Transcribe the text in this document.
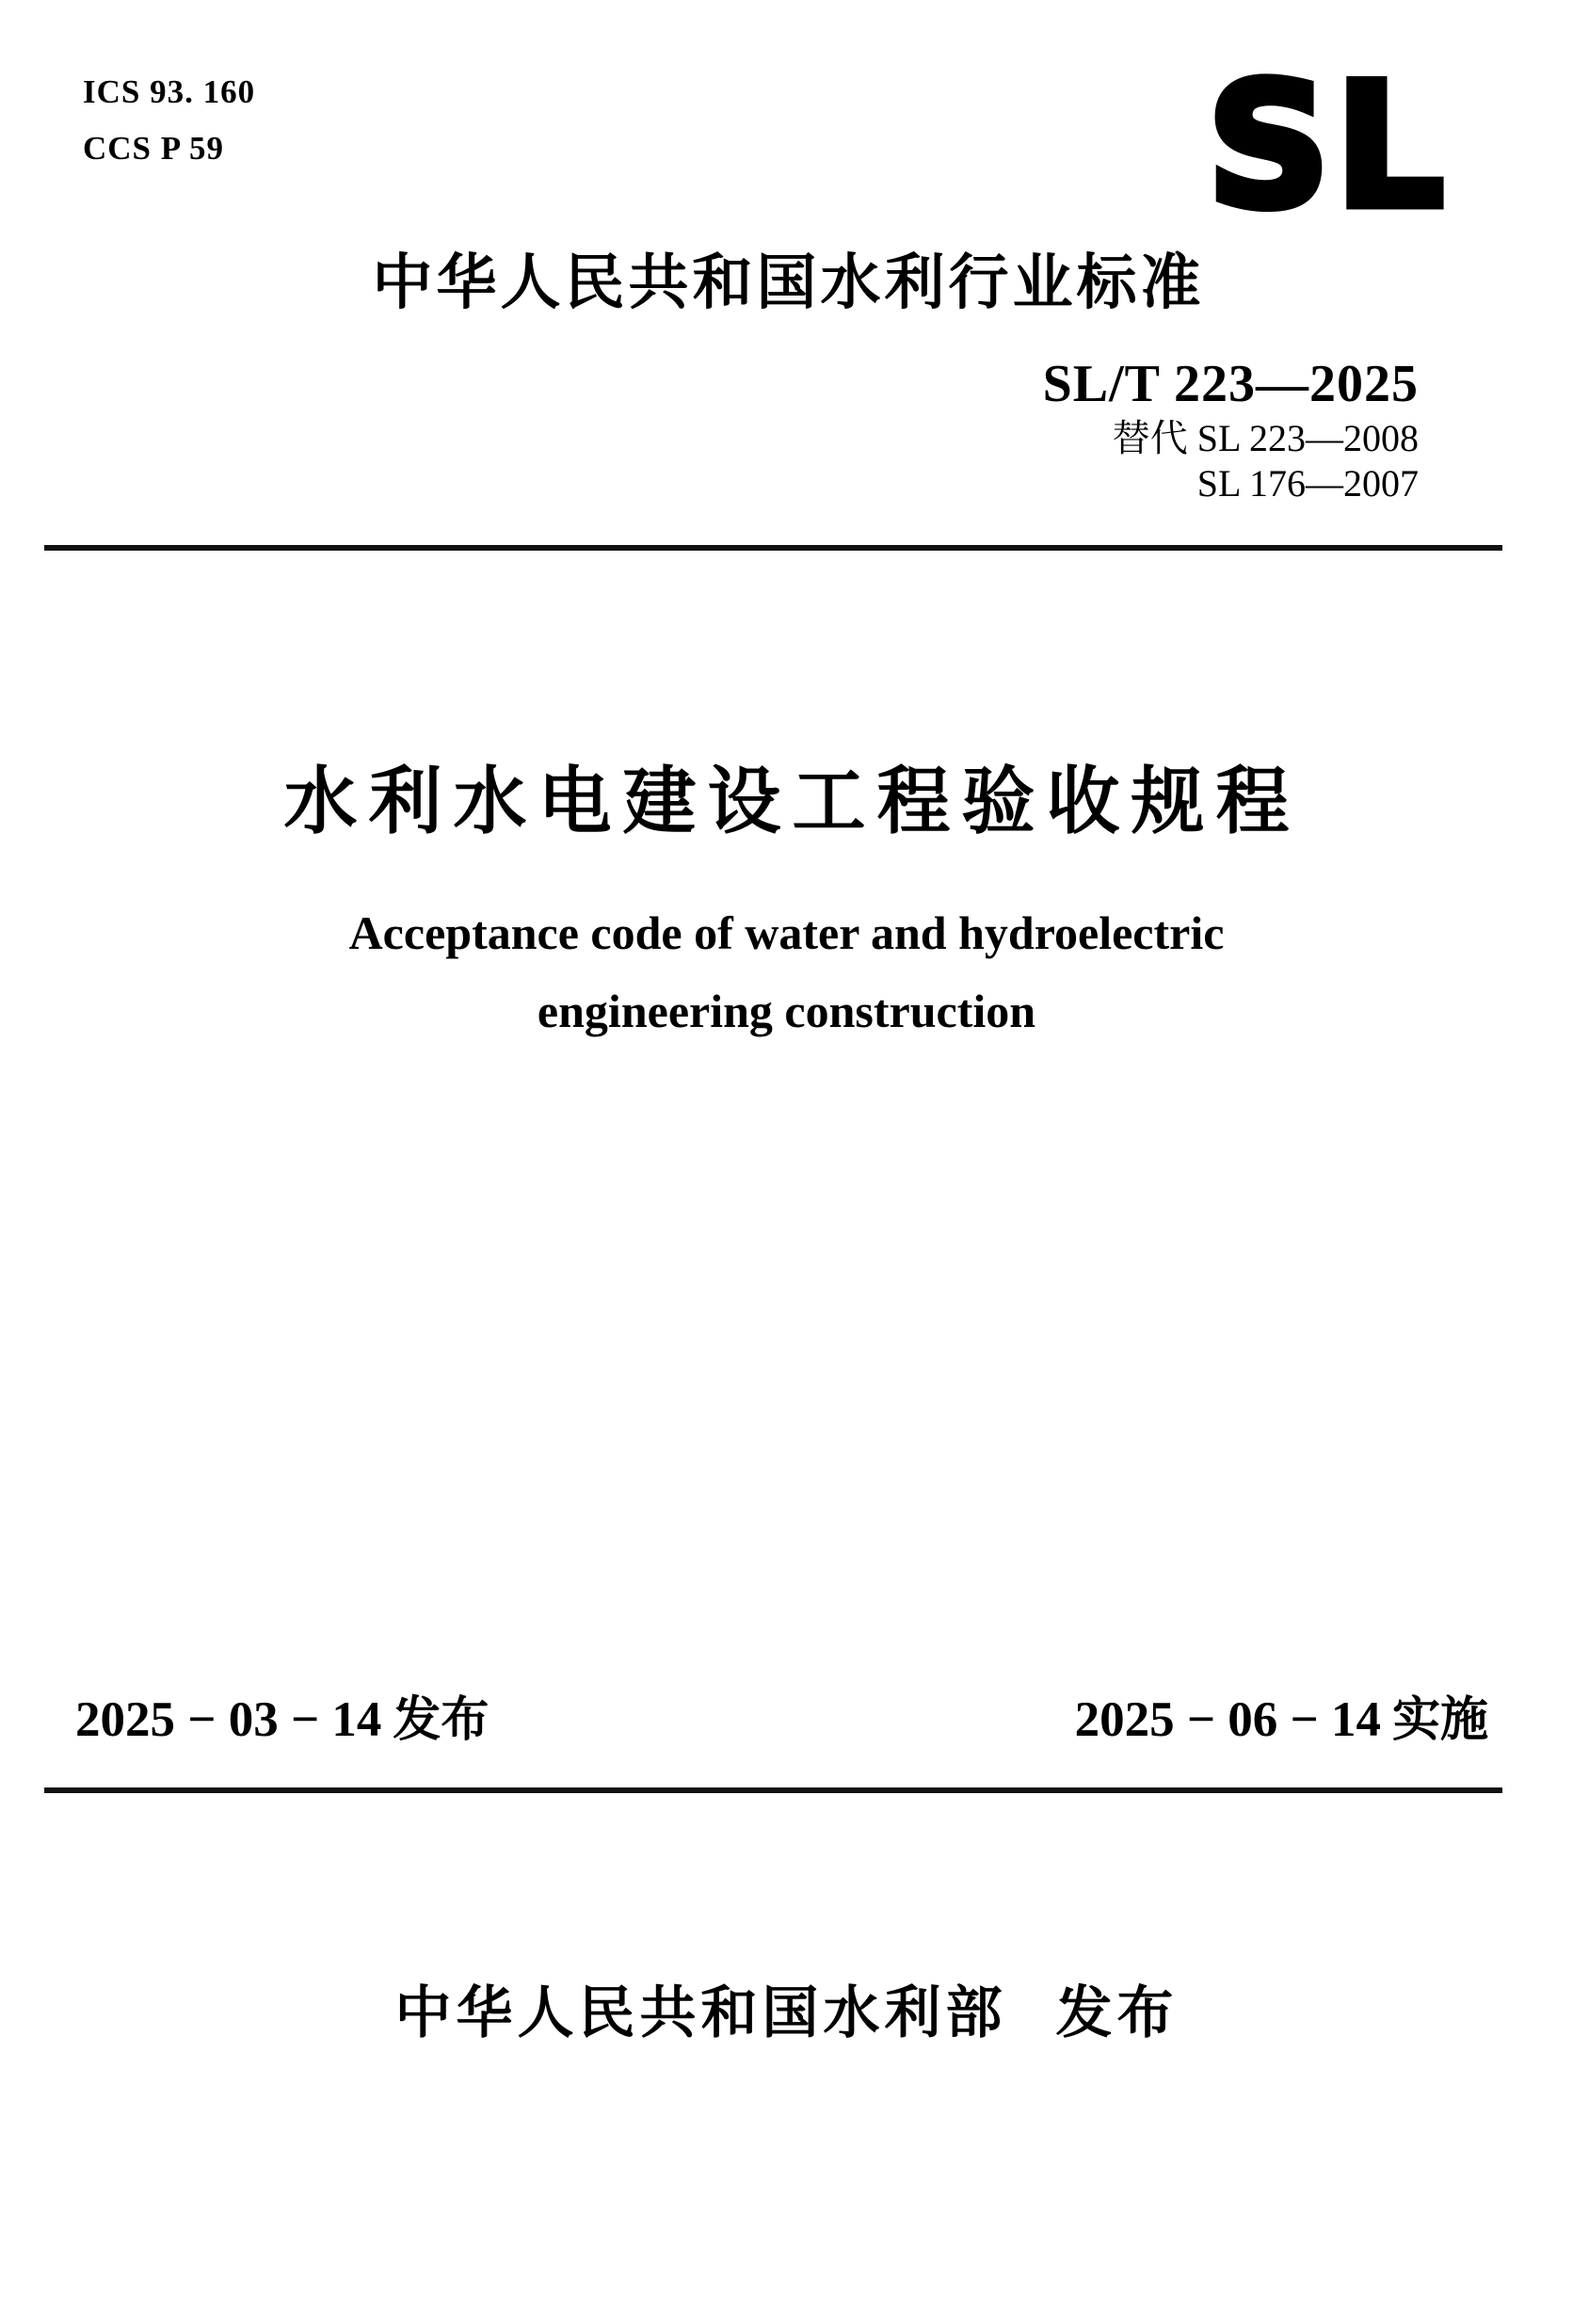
ICS 93. 160
CCS P 59	SL
中华人民共和国水利行业标准
SL/T 223—2025
替代 SL 223—2008
SL 176—2007
水利水电建设工程验收规程
Acceptance code of water and hydroelectric
engineering construction
2025 − 03 − 14 发布	2025 − 06 − 14 实施
中华人民共和国水利部 发布
